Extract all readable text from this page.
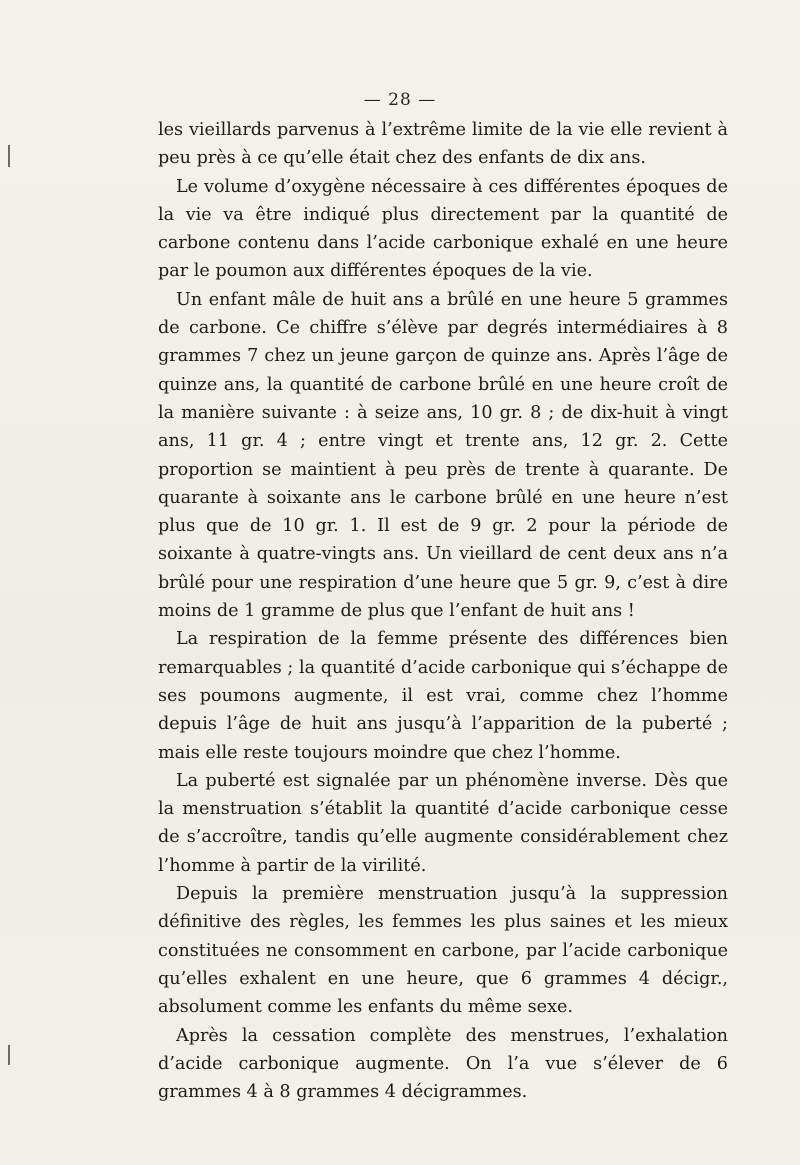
— 28 —

les vieillards parvenus à l’extrême limite de la vie elle revient à peu près à ce qu’elle était chez des enfants de dix ans.

Le volume d’oxygène nécessaire à ces différentes époques de la vie va être indiqué plus directement par la quantité de carbone contenu dans l’acide carbonique exhalé en une heure par le poumon aux différentes époques de la vie.

Un enfant mâle de huit ans a brûlé en une heure 5 grammes de carbone. Ce chiffre s’élève par degrés intermédiaires à 8 grammes 7 chez un jeune garçon de quinze ans. Après l’âge de quinze ans, la quantité de carbone brûlé en une heure croît de la manière suivante : à seize ans, 10 gr. 8 ; de dix-huit à vingt ans, 11 gr. 4 ; entre vingt et trente ans, 12 gr. 2. Cette proportion se maintient à peu près de trente à quarante. De quarante à soixante ans le carbone brûlé en une heure n’est plus que de 10 gr. 1. Il est de 9 gr. 2 pour la période de soixante à quatre-vingts ans. Un vieillard de cent deux ans n’a brûlé pour une respiration d’une heure que 5 gr. 9, c’est à dire moins de 1 gramme de plus que l’enfant de huit ans !

La respiration de la femme présente des différences bien remarquables ; la quantité d’acide carbonique qui s’échappe de ses poumons augmente, il est vrai, comme chez l’homme depuis l’âge de huit ans jusqu’à l’apparition de la puberté ; mais elle reste toujours moindre que chez l’homme.

La puberté est signalée par un phénomène inverse. Dès que la menstruation s’établit la quantité d’acide carbonique cesse de s’accroître, tandis qu’elle augmente considérablement chez l’homme à partir de la virilité.

Depuis la première menstruation jusqu’à la suppression définitive des règles, les femmes les plus saines et les mieux constituées ne consomment en carbone, par l’acide carbonique qu’elles exhalent en une heure, que 6 grammes 4 décigr., absolument comme les enfants du même sexe.

Après la cessation complète des menstrues, l’exhalation d’acide carbonique augmente. On l’a vue s’élever de 6 grammes 4 à 8 grammes 4 décigrammes.
